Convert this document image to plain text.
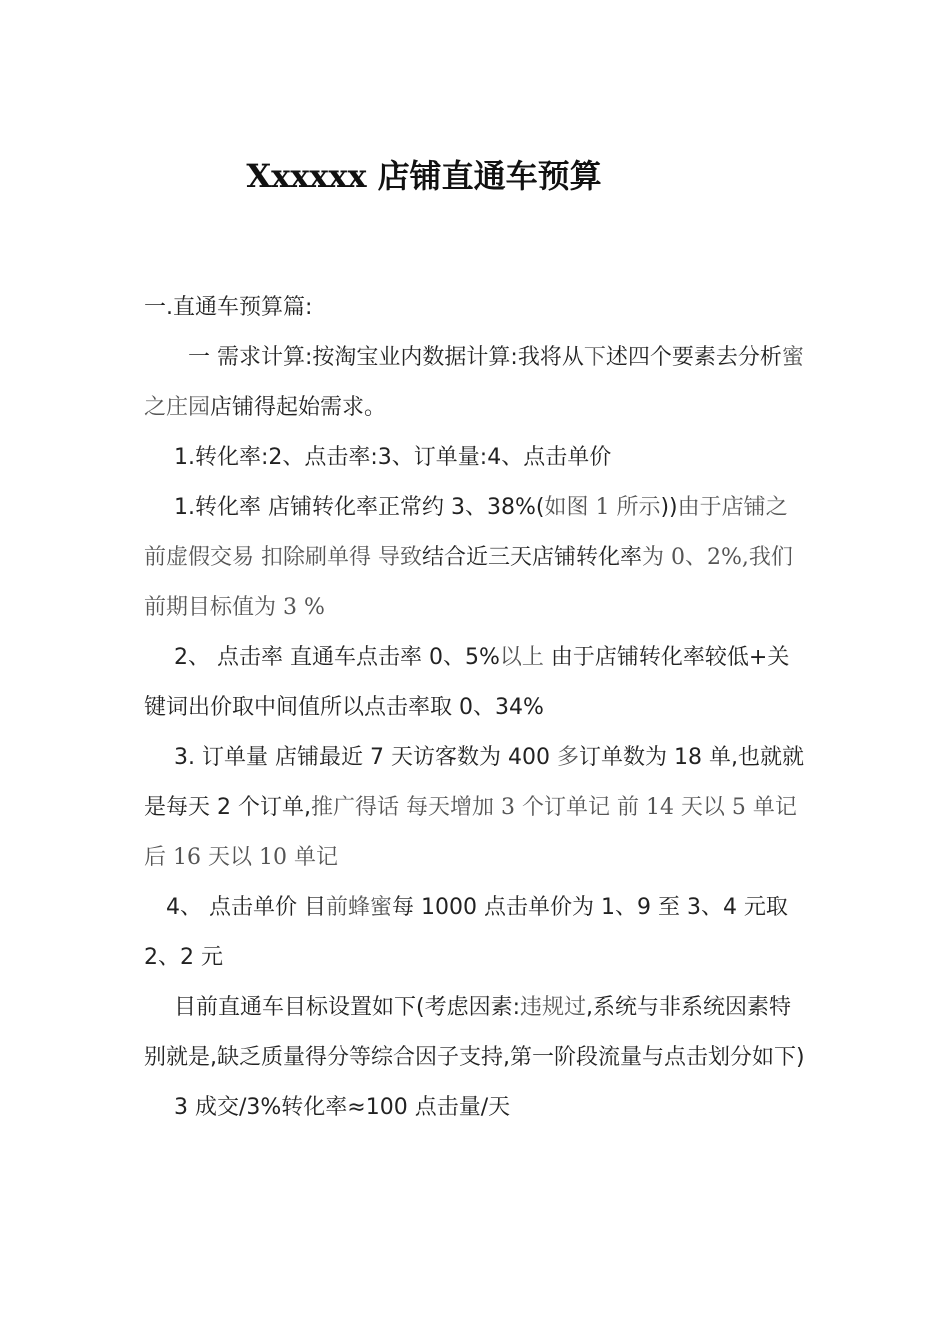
Xxxxxx 店铺直通车预算

一.直通车预算篇:

一 需求计算:按淘宝业内数据计算:我将从下述四个要素去分析蜜之庄园店铺得起始需求。

1.转化率:2、点击率:3、订单量:4、点击单价

1.转化率 店铺转化率正常约 3、38%(如图 1 所示))由于店铺之前虚假交易 扣除刷单得 导致结合近三天店铺转化率为 0、2%,我们前期目标值为 3 %

2、 点击率 直通车点击率 0、5%以上 由于店铺转化率较低+关键词出价取中间值所以点击率取 0、34%

3. 订单量 店铺最近 7 天访客数为 400 多订单数为 18 单,也就就是每天 2 个订单,推广得话 每天增加 3 个订单记 前 14 天以 5 单记 后 16 天以 10 单记

4、 点击单价 目前蜂蜜每 1000 点击单价为 1、9 至 3、4 元取 2、2 元

目前直通车目标设置如下(考虑因素:违规过,系统与非系统因素特别就是,缺乏质量得分等综合因子支持,第一阶段流量与点击划分如下)

3 成交/3%转化率≈100 点击量/天
